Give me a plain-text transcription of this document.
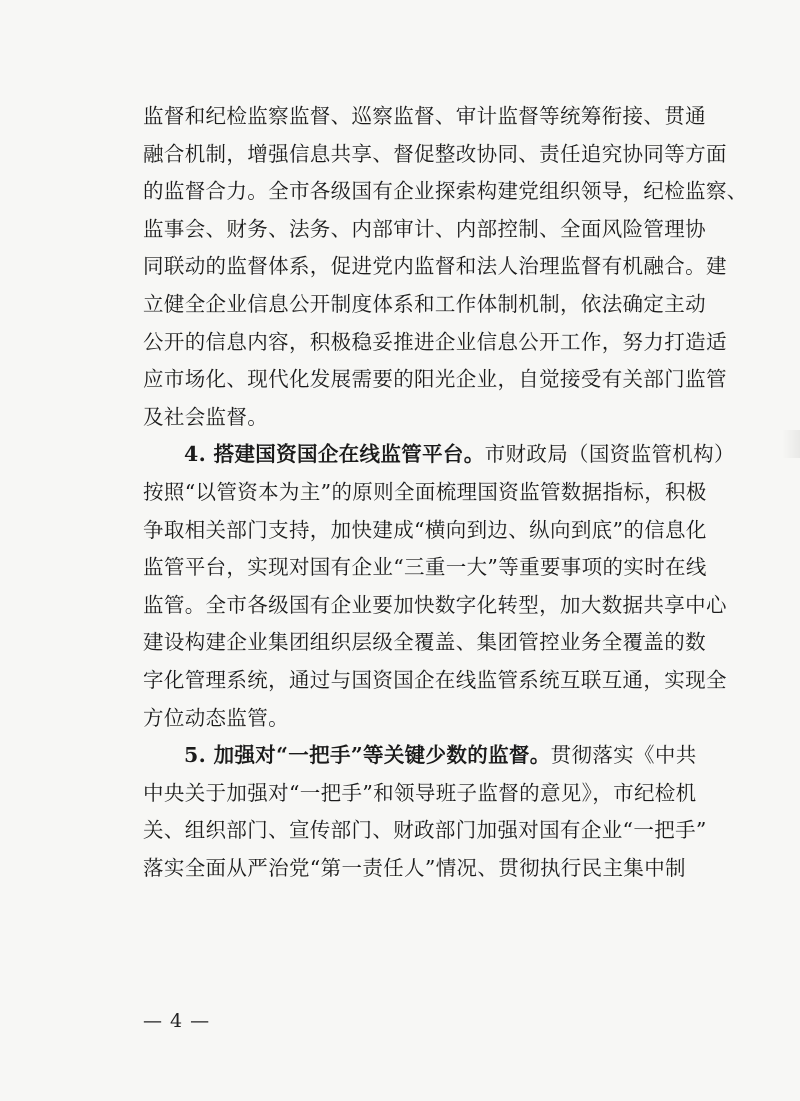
监督和纪检监察监督、巡察监督、审计监督等统筹衔接、贯通
融合机制，增强信息共享、督促整改协同、责任追究协同等方面
的监督合力。全市各级国有企业探索构建党组织领导，纪检监察、
监事会、财务、法务、内部审计、内部控制、全面风险管理协
同联动的监督体系，促进党内监督和法人治理监督有机融合。建
立健全企业信息公开制度体系和工作体制机制，依法确定主动
公开的信息内容，积极稳妥推进企业信息公开工作，努力打造适
应市场化、现代化发展需要的阳光企业，自觉接受有关部门监管
及社会监督。
4. 搭建国资国企在线监管平台。市财政局（国资监管机构）
按照“以管资本为主”的原则全面梳理国资监管数据指标，积极
争取相关部门支持，加快建成“横向到边、纵向到底”的信息化
监管平台，实现对国有企业“三重一大”等重要事项的实时在线
监管。全市各级国有企业要加快数字化转型，加大数据共享中心
建设构建企业集团组织层级全覆盖、集团管控业务全覆盖的数
字化管理系统，通过与国资国企在线监管系统互联互通，实现全
方位动态监管。
5. 加强对“一把手”等关键少数的监督。贯彻落实《中共
中央关于加强对“一把手”和领导班子监督的意见》，市纪检机
关、组织部门、宣传部门、财政部门加强对国有企业“一把手”
落实全面从严治党“第一责任人”情况、贯彻执行民主集中制
— 4 —
